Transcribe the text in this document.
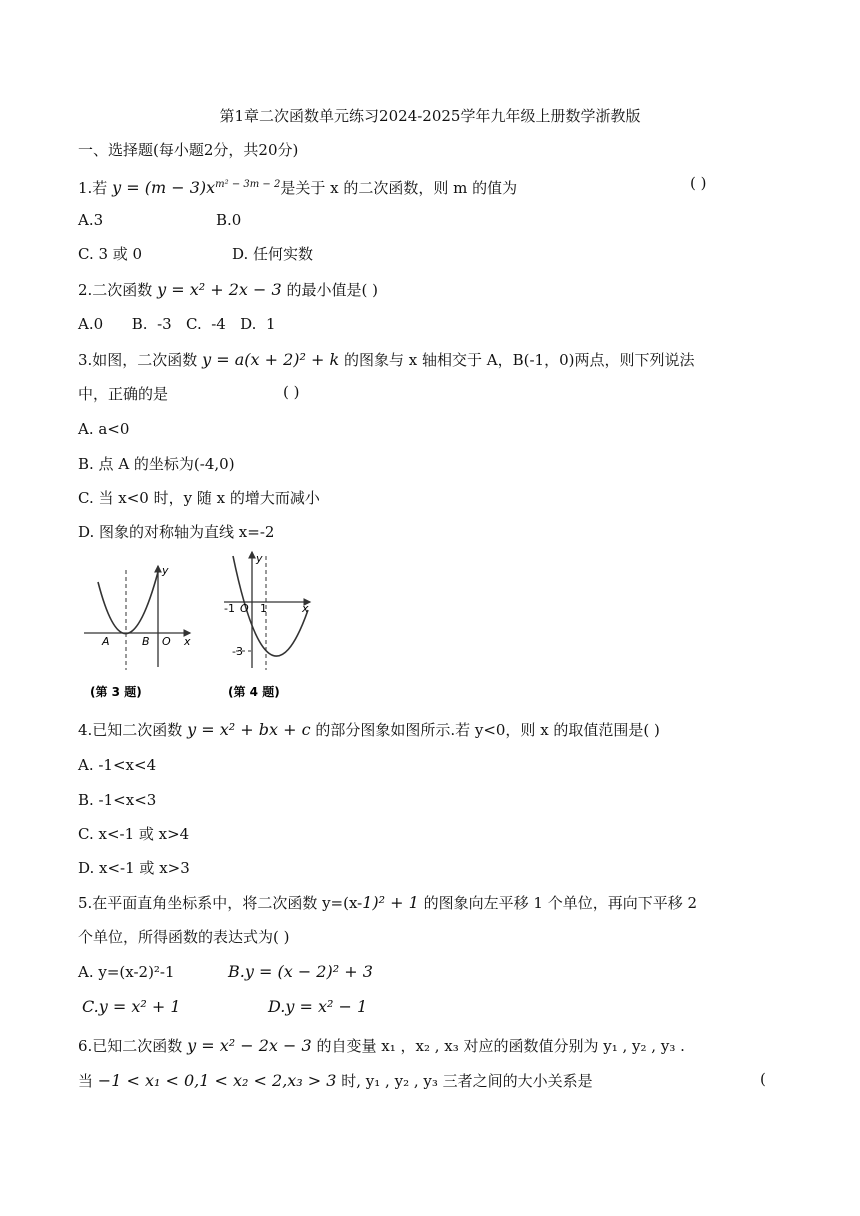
第1章二次函数单元练习2024-2025学年九年级上册数学浙教版
一、选择题(每小题2分，共20分)
1.若 $y = (m - 3)x^{m^2 - 3m - 2}$是关于 x 的二次函数，则 m 的值为	( )
A.3	B.0
C. 3 或 0	D. 任何实数
2.二次函数 y = x² + 2x − 3 的最小值是( )
A.0      B.  -3   C.  -4   D.  1
3.如图，二次函数 y = a(x + 2)² + k 的图象与 x 轴相交于 A，B(-1，0)两点，则下列说法
中，正确的是	( )
A. a<0
B. 点 A 的坐标为(-4,0)
C. 当 x<0 时，y 随 x 的增大而减小
D. 图象的对称轴为直线 x=-2
y
A	B O x
(第 3 题)
y
-1 O 1	x
-3
(第 4 题)
4.已知二次函数 y = x² + bx + c 的部分图象如图所示.若 y<0，则 x 的取值范围是( )
A. -1<x<4
B. -1<x<3
C. x<-1 或 x>4
D. x<-1 或 x>3
5.在平面直角坐标系中，将二次函数 y=(x-1)² + 1 的图象向左平移 1 个单位，再向下平移 2
个单位，所得函数的表达式为( )
A. y=(x-2)²-1	B.y = (x − 2)² + 3
C.y = x² + 1	D.y = x² − 1
6.已知二次函数 y = x² − 2x − 3 的自变量 x₁ ，x₂ , x₃ 对应的函数值分别为 y₁ , y₂ , y₃ .
当 −1 < x₁ < 0,1 < x₂ < 2,x₃ > 3 时, y₁ , y₂ , y₃ 三者之间的大小关系是	(
